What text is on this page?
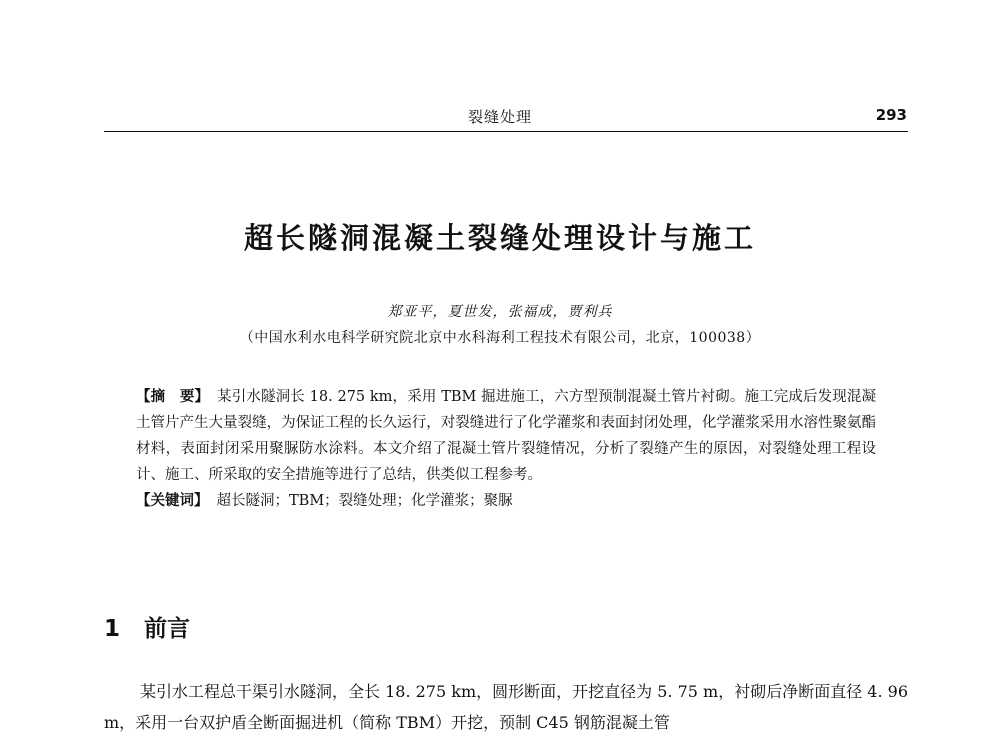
裂缝处理	293
超长隧洞混凝土裂缝处理设计与施工
郑亚平，夏世发，张福成，贾利兵
（中国水利水电科学研究院北京中水科海利工程技术有限公司，北京，100038）

【摘　要】 某引水隧洞长 18. 275 km，采用 TBM 掘进施工，六方型预制混凝土管片衬砌。施工完成后发现混凝土管片产生大量裂缝，为保证工程的长久运行，对裂缝进行了化学灌浆和表面封闭处理，化学灌浆采用水溶性聚氨酯材料，表面封闭采用聚脲防水涂料。本文介绍了混凝土管片裂缝情况，分析了裂缝产生的原因，对裂缝处理工程设计、施工、所采取的安全措施等进行了总结，供类似工程参考。

【关键词】 超长隧洞；TBM；裂缝处理；化学灌浆；聚脲

1 前言

某引水工程总干渠引水隧洞，全长 18. 275 km，圆形断面，开挖直径为 5. 75 m，衬砌后净断面直径 4. 96 m，采用一台双护盾全断面掘进机（简称 TBM）开挖，预制 C45 钢筋混凝土管
